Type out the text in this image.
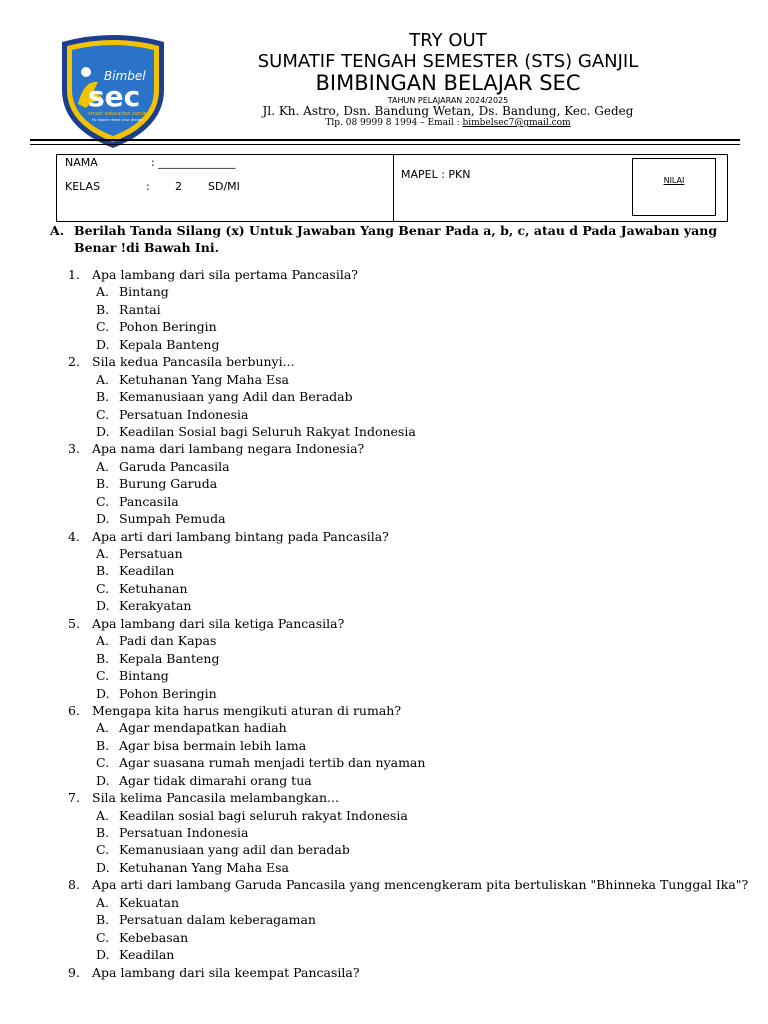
Bimbel
sec
smart education center
fly higher reach your dream
TRY OUT
SUMATIF TENGAH SEMESTER (STS) GANJIL
BIMBINGAN BELAJAR SEC
TAHUN PELAJARAN 2024/2025
Jl. Kh. Astro, Dsn. Bandung Wetan, Ds. Bandung, Kec. Gedeg
Tlp. 08 9999 8 1994 – Email : bimbelsec7@gmail.com
NAMA	: ______________
KELAS	: 2 SD/MI
MAPEL : PKN	NILAI
A. Berilah Tanda Silang (x) Untuk Jawaban Yang Benar Pada a, b, c, atau d Pada Jawaban yang Benar !di Bawah Ini.
1. Apa lambang dari sila pertama Pancasila?
A. Bintang
B. Rantai
C. Pohon Beringin
D. Kepala Banteng
2. Sila kedua Pancasila berbunyi...
A. Ketuhanan Yang Maha Esa
B. Kemanusiaan yang Adil dan Beradab
C. Persatuan Indonesia
D. Keadilan Sosial bagi Seluruh Rakyat Indonesia
3. Apa nama dari lambang negara Indonesia?
A. Garuda Pancasila
B. Burung Garuda
C. Pancasila
D. Sumpah Pemuda
4. Apa arti dari lambang bintang pada Pancasila?
A. Persatuan
B. Keadilan
C. Ketuhanan
D. Kerakyatan
5. Apa lambang dari sila ketiga Pancasila?
A. Padi dan Kapas
B. Kepala Banteng
C. Bintang
D. Pohon Beringin
6. Mengapa kita harus mengikuti aturan di rumah?
A. Agar mendapatkan hadiah
B. Agar bisa bermain lebih lama
C. Agar suasana rumah menjadi tertib dan nyaman
D. Agar tidak dimarahi orang tua
7. Sila kelima Pancasila melambangkan...
A. Keadilan sosial bagi seluruh rakyat Indonesia
B. Persatuan Indonesia
C. Kemanusiaan yang adil dan beradab
D. Ketuhanan Yang Maha Esa
8. Apa arti dari lambang Garuda Pancasila yang mencengkeram pita bertuliskan "Bhinneka Tunggal Ika"?
A. Kekuatan
B. Persatuan dalam keberagaman
C. Kebebasan
D. Keadilan
9. Apa lambang dari sila keempat Pancasila?
